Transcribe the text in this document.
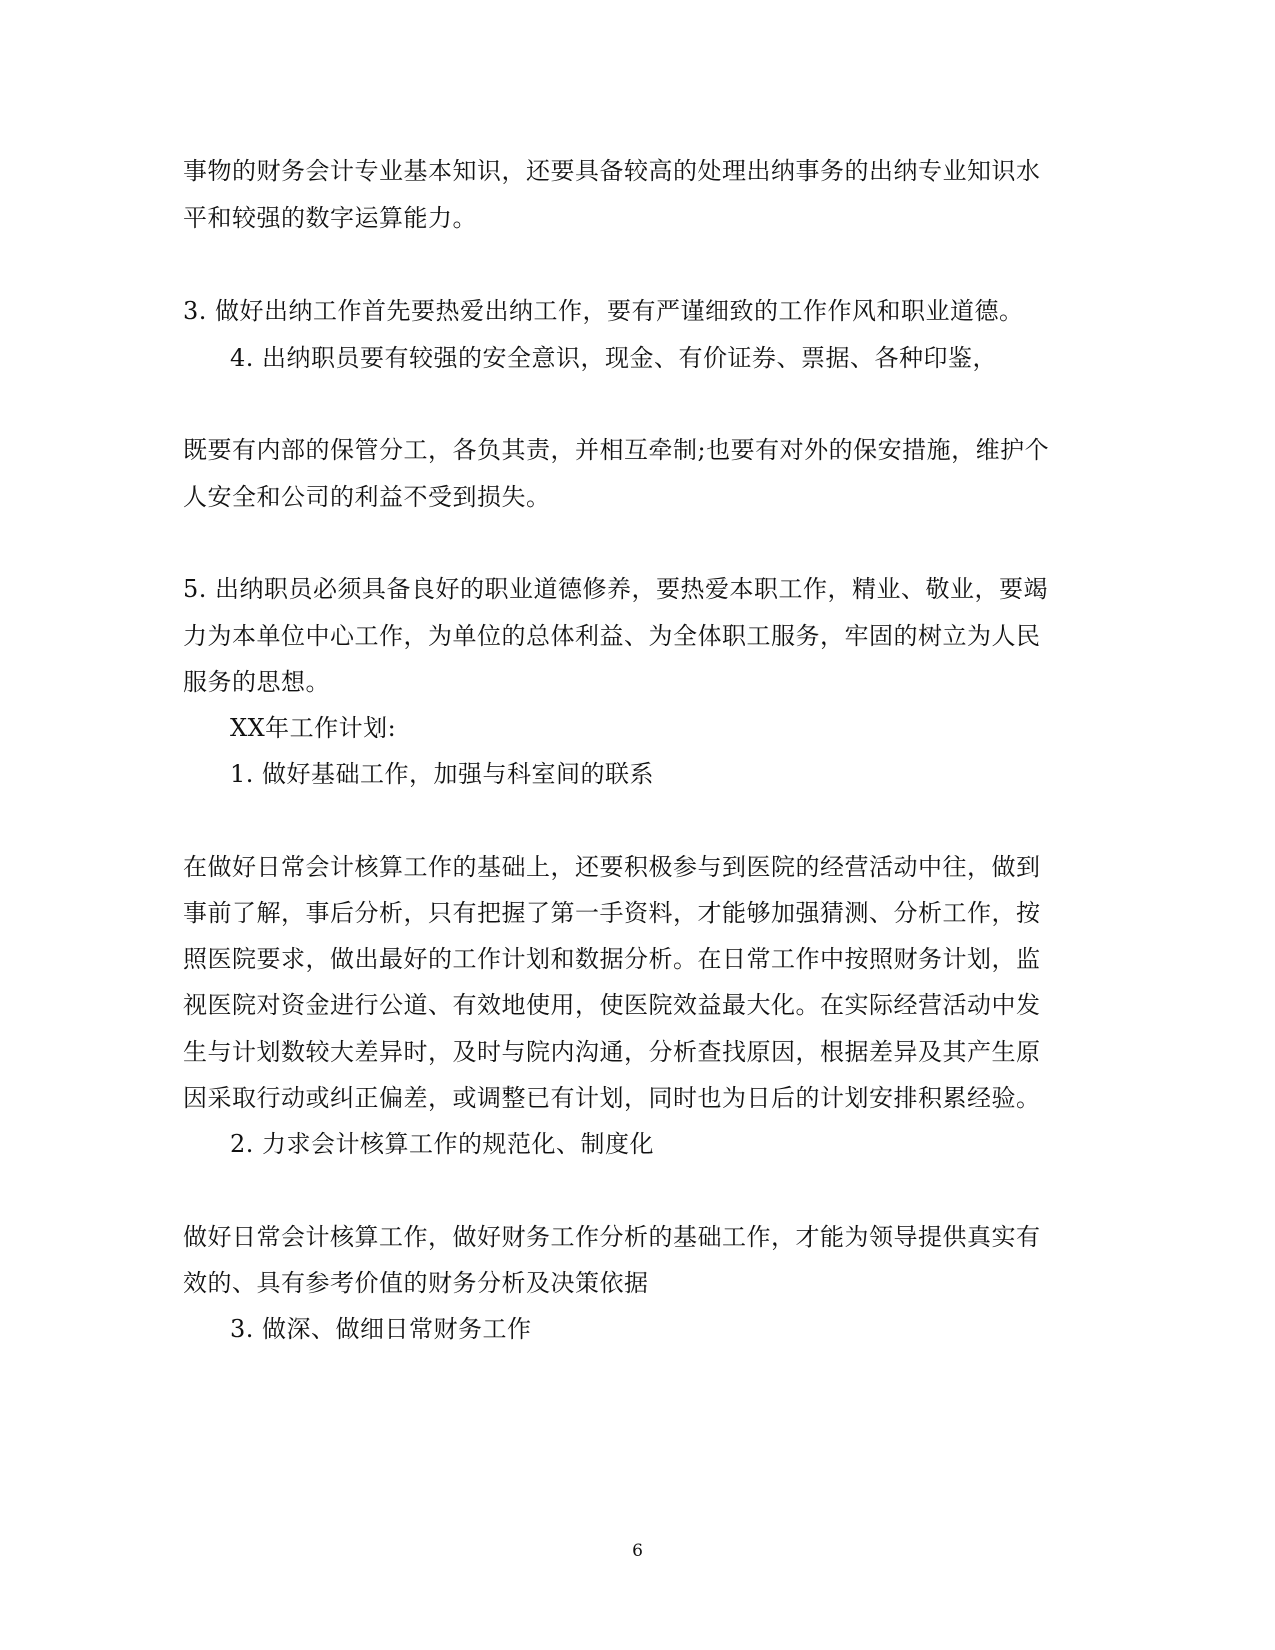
事物的财务会计专业基本知识，还要具备较高的处理出纳事务的出纳专业知识水
平和较强的数字运算能力。
3. 做好出纳工作首先要热爱出纳工作，要有严谨细致的工作作风和职业道德。
4. 出纳职员要有较强的安全意识，现金、有价证券、票据、各种印鉴，
既要有内部的保管分工，各负其责，并相互牵制;也要有对外的保安措施，维护个
人安全和公司的利益不受到损失。
5. 出纳职员必须具备良好的职业道德修养，要热爱本职工作，精业、敬业，要竭
力为本单位中心工作，为单位的总体利益、为全体职工服务，牢固的树立为人民
服务的思想。
XX年工作计划:
1. 做好基础工作，加强与科室间的联系
在做好日常会计核算工作的基础上，还要积极参与到医院的经营活动中往，做到
事前了解，事后分析，只有把握了第一手资料，才能够加强猜测、分析工作，按
照医院要求，做出最好的工作计划和数据分析。在日常工作中按照财务计划，监
视医院对资金进行公道、有效地使用，使医院效益最大化。在实际经营活动中发
生与计划数较大差异时，及时与院内沟通，分析查找原因，根据差异及其产生原
因采取行动或纠正偏差，或调整已有计划，同时也为日后的计划安排积累经验。
2. 力求会计核算工作的规范化、制度化
做好日常会计核算工作，做好财务工作分析的基础工作，才能为领导提供真实有
效的、具有参考价值的财务分析及决策依据
3. 做深、做细日常财务工作
6
